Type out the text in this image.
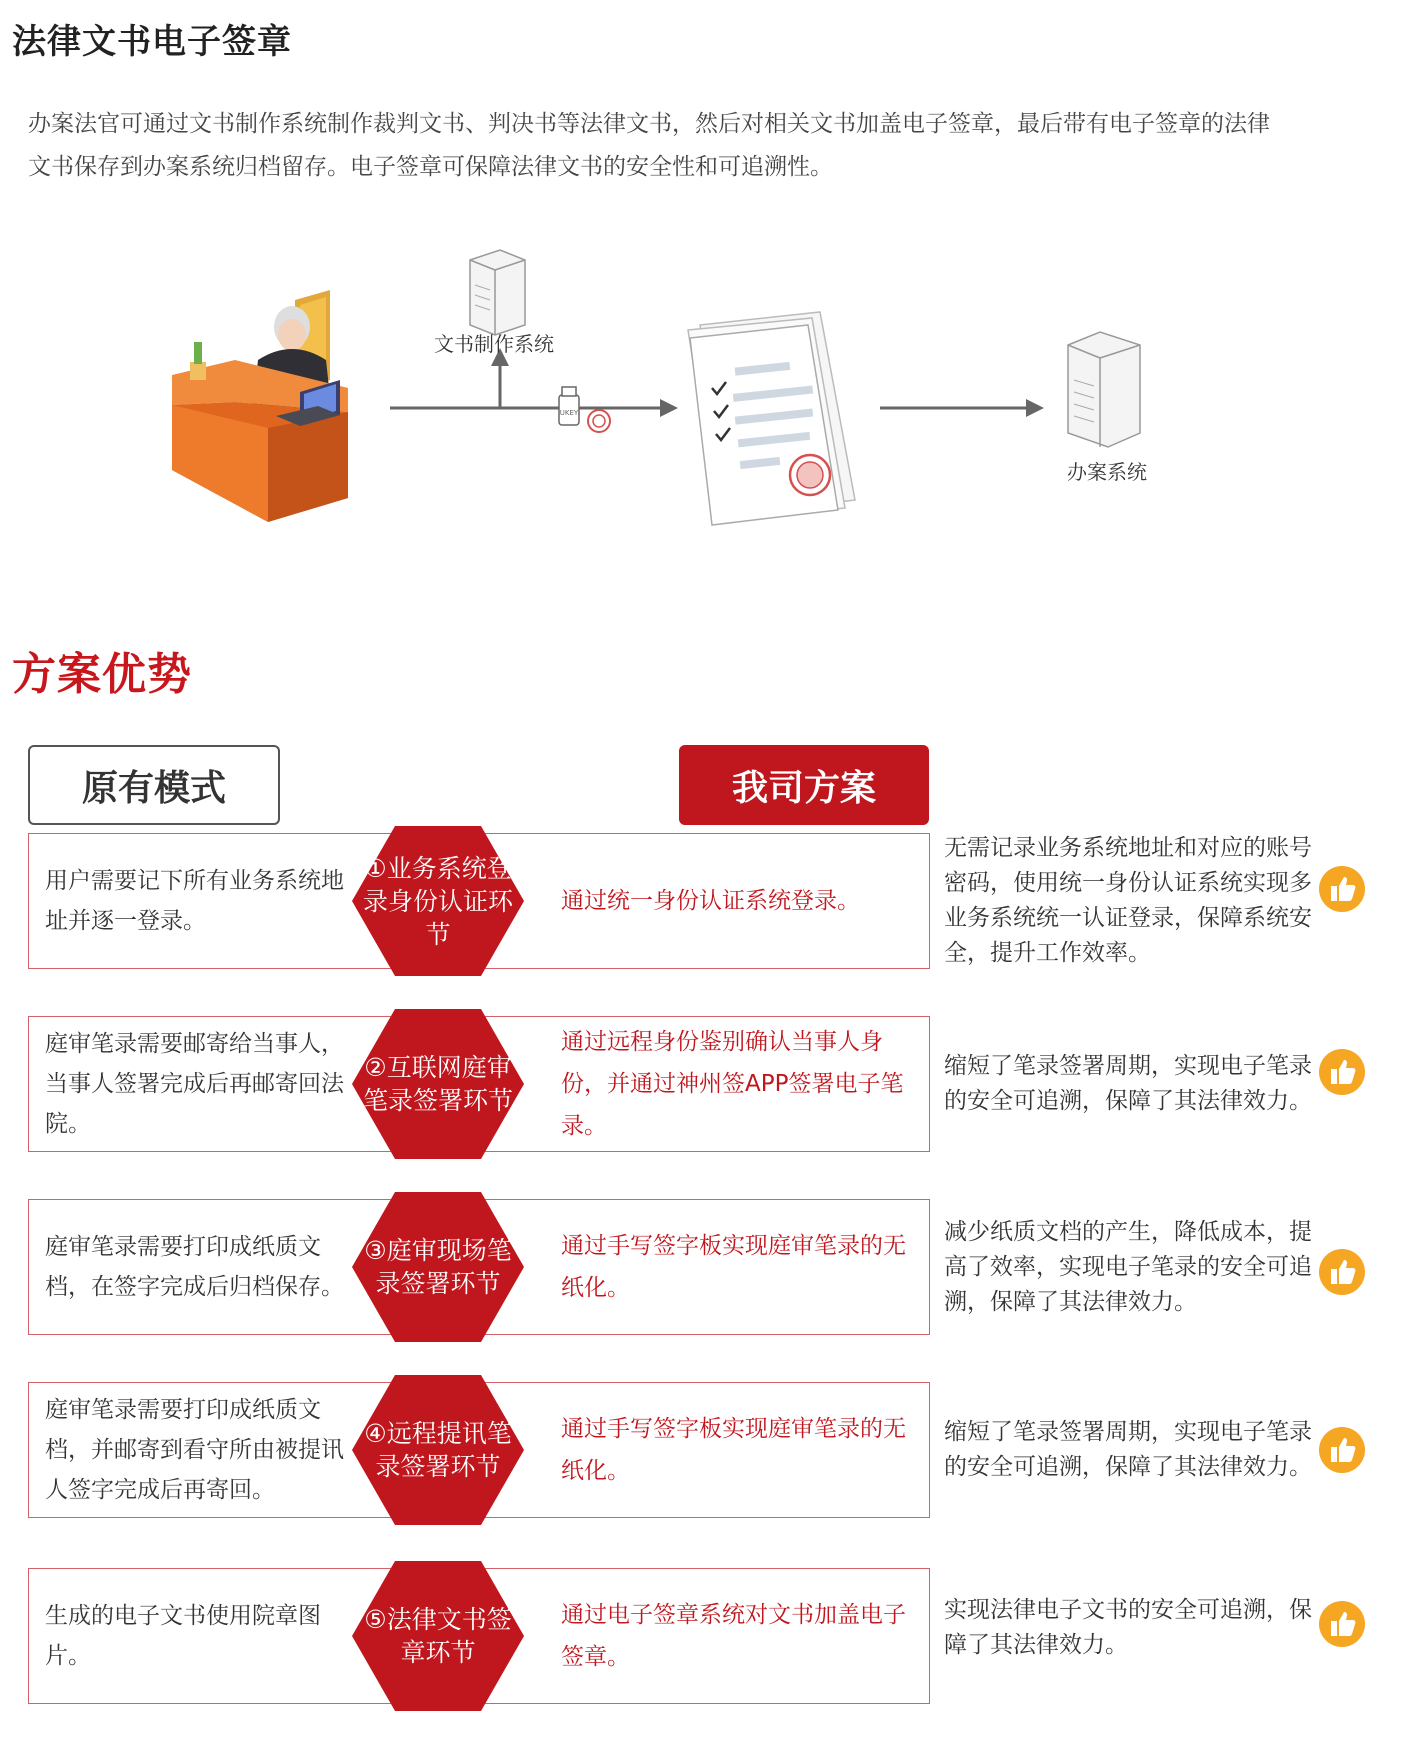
法律文书电子签章
办案法官可通过文书制作系统制作裁判文书、判决书等法律文书，然后对相关文书加盖电子签章，最后带有电子签章的法律
文书保存到办案系统归档留存。电子签章可保障法律文书的安全性和可追溯性。
UKEY
文书制作系统
办案系统
方案优势
原有模式	我司方案
用户需要记下所有业务系统地址并逐一登录。
通过统一身份认证系统登录。
①业务系统登录身份认证环节
无需记录业务系统地址和对应的账号密码，使用统一身份认证系统实现多业务系统统一认证登录，保障系统安全，提升工作效率。
庭审笔录需要邮寄给当事人，当事人签署完成后再邮寄回法院。
通过远程身份鉴别确认当事人身份，并通过神州签APP签署电子笔录。
②互联网庭审笔录签署环节
缩短了笔录签署周期，实现电子笔录的安全可追溯，保障了其法律效力。
庭审笔录需要打印成纸质文档，在签字完成后归档保存。
通过手写签字板实现庭审笔录的无纸化。
③庭审现场笔录签署环节
减少纸质文档的产生，降低成本，提高了效率，实现电子笔录的安全可追溯，保障了其法律效力。
庭审笔录需要打印成纸质文档，并邮寄到看守所由被提讯人签字完成后再寄回。
通过手写签字板实现庭审笔录的无纸化。
④远程提讯笔录签署环节
缩短了笔录签署周期，实现电子笔录的安全可追溯，保障了其法律效力。
生成的电子文书使用院章图片。
通过电子签章系统对文书加盖电子签章。
⑤法律文书签章环节
实现法律电子文书的安全可追溯，保障了其法律效力。
